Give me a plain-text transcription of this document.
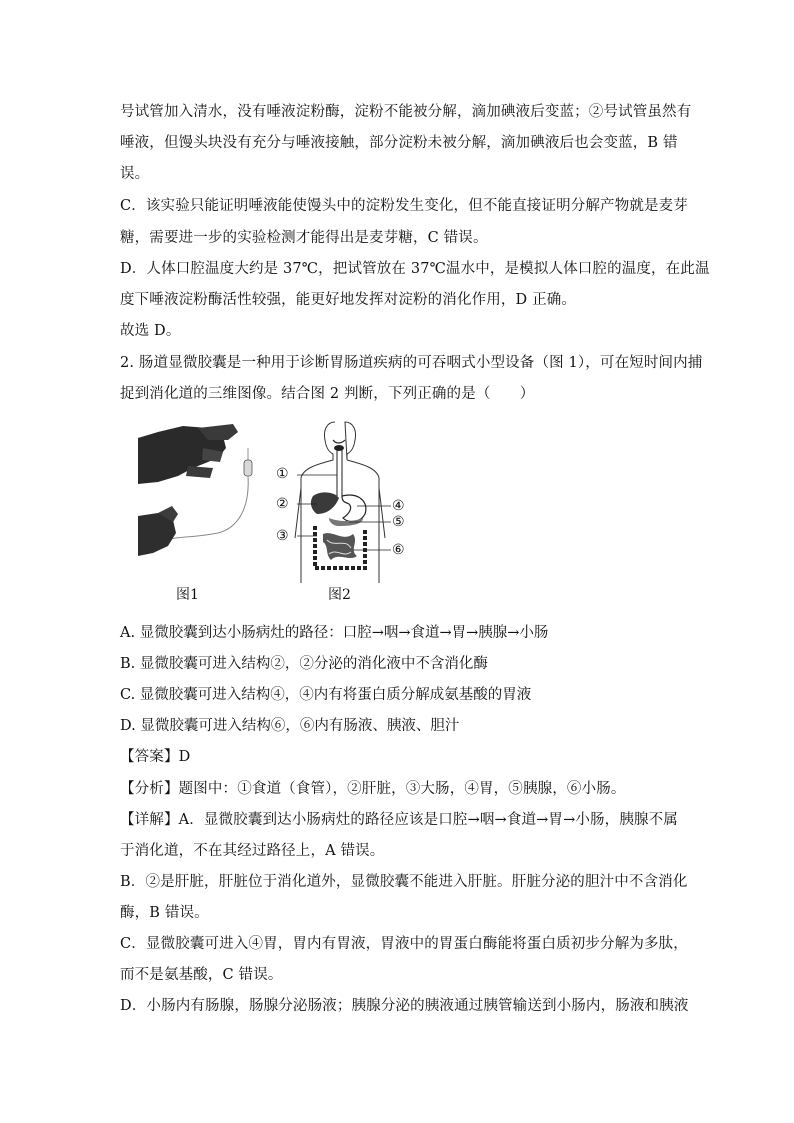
号试管加入清水，没有唾液淀粉酶，淀粉不能被分解，滴加碘液后变蓝；②号试管虽然有
唾液，但馒头块没有充分与唾液接触，部分淀粉未被分解，滴加碘液后也会变蓝，B 错
误。
C．该实验只能证明唾液能使馒头中的淀粉发生变化，但不能直接证明分解产物就是麦芽
糖，需要进一步的实验检测才能得出是麦芽糖，C 错误。
D．人体口腔温度大约是 37℃，把试管放在 37℃温水中，是模拟人体口腔的温度，在此温
度下唾液淀粉酶活性较强，能更好地发挥对淀粉的消化作用，D 正确。
故选 D。
2. 肠道显微胶囊是一种用于诊断胃肠道疾病的可吞咽式小型设备（图 1），可在短时间内捕
捉到消化道的三维图像。结合图 2 判断，下列正确的是（　　）
①
②
③
④
⑤
⑥
图1	图2
A. 显微胶囊到达小肠病灶的路径：口腔→咽→食道→胃→胰腺→小肠
B. 显微胶囊可进入结构②，②分泌的消化液中不含消化酶
C. 显微胶囊可进入结构④，④内有将蛋白质分解成氨基酸的胃液
D. 显微胶囊可进入结构⑥，⑥内有肠液、胰液、胆汁
【答案】D
【分析】题图中：①食道（食管），②肝脏，③大肠，④胃，⑤胰腺，⑥小肠。
【详解】A．显微胶囊到达小肠病灶的路径应该是口腔→咽→食道→胃→小肠，胰腺不属
于消化道，不在其经过路径上，A 错误。
B．②是肝脏，肝脏位于消化道外，显微胶囊不能进入肝脏。肝脏分泌的胆汁中不含消化
酶，B 错误。
C．显微胶囊可进入④胃，胃内有胃液，胃液中的胃蛋白酶能将蛋白质初步分解为多肽，
而不是氨基酸，C 错误。
D．小肠内有肠腺，肠腺分泌肠液；胰腺分泌的胰液通过胰管输送到小肠内，肠液和胰液
